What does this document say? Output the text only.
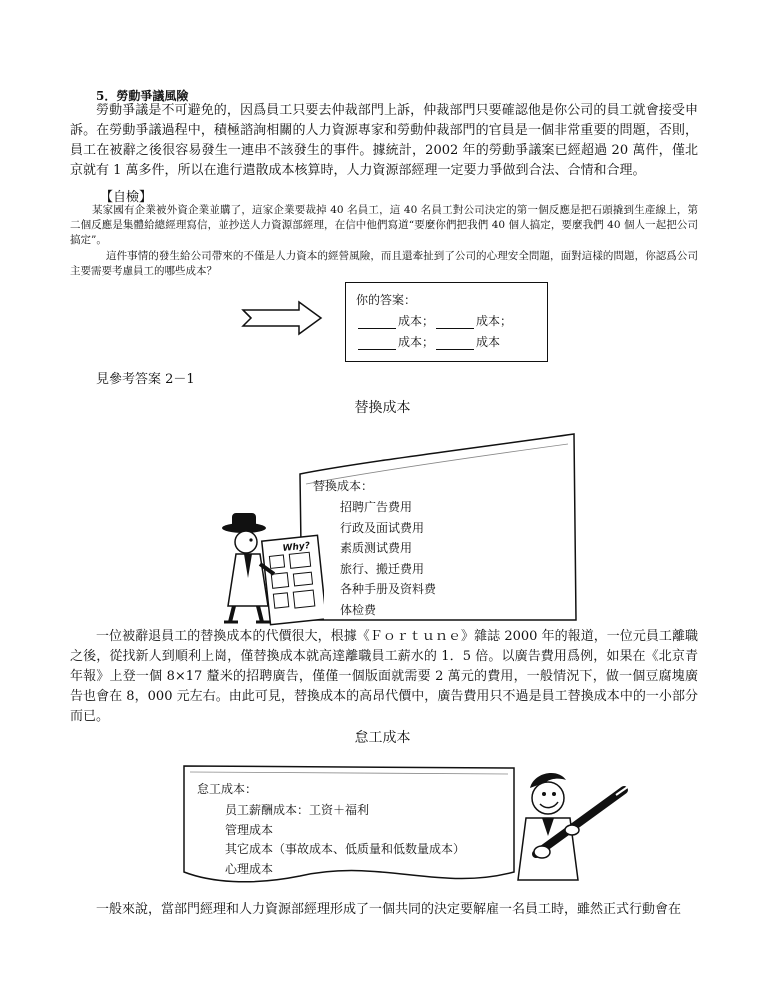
5．勞動爭議風險
勞動爭議是不可避免的，因爲員工只要去仲裁部門上訴，仲裁部門只要確認他是你公司的員工就會接受申訴。在勞動爭議過程中，積極諮詢相關的人力資源專家和勞動仲裁部門的官員是一個非常重要的問題，否則，員工在被辭之後很容易發生一連串不該發生的事件。據統計，2002 年的勞動爭議案已經超過 20 萬件，僅北京就有 1 萬多件，所以在進行遣散成本核算時，人力資源部經理一定要力爭做到合法、合情和合理。
【自檢】
某家國有企業被外資企業並購了，這家企業要裁掉 40 名員工，這 40 名員工對公司決定的第一個反應是把石頭撬到生產線上，第二個反應是集體給總經理寫信，並抄送人力資源部經理，在信中他們寫道“要麼你們把我們 40 個人搞定，要麼我們 40 個人一起把公司搞定”。
這件事情的發生給公司帶來的不僅是人力資本的經營風險，而且還牽扯到了公司的心理安全問題，面對這樣的問題，你認爲公司主要需要考慮員工的哪些成本？
你的答案：
成本；	成本；
成本；	成本
見參考答案 2－1
替換成本
替換成本：
招聘广告费用
行政及面试费用
素质测试费用
旅行、搬迁费用
各种手册及资料费
体检费
Why?
一位被辭退員工的替換成本的代價很大，根據《Ｆｏｒｔｕｎｅ》雜誌 2000 年的報道，一位元員工離職之後，從找新人到順利上崗，僅替換成本就高達離職員工薪水的 1．5 倍。以廣告費用爲例，如果在《北京青年報》上登一個 8×17 釐米的招聘廣告，僅僅一個版面就需要 2 萬元的費用，一般情況下，做一個豆腐塊廣告也會在 8，000 元左右。由此可見，替換成本的高昂代價中，廣告費用只不過是員工替換成本中的一小部分而已。
怠工成本
怠工成本：
员工薪酬成本：工资＋福利
管理成本
其它成本（事故成本、低质量和低数量成本）
心理成本
一般來說，當部門經理和人力資源部經理形成了一個共同的決定要解雇一名員工時，雖然正式行動會在
